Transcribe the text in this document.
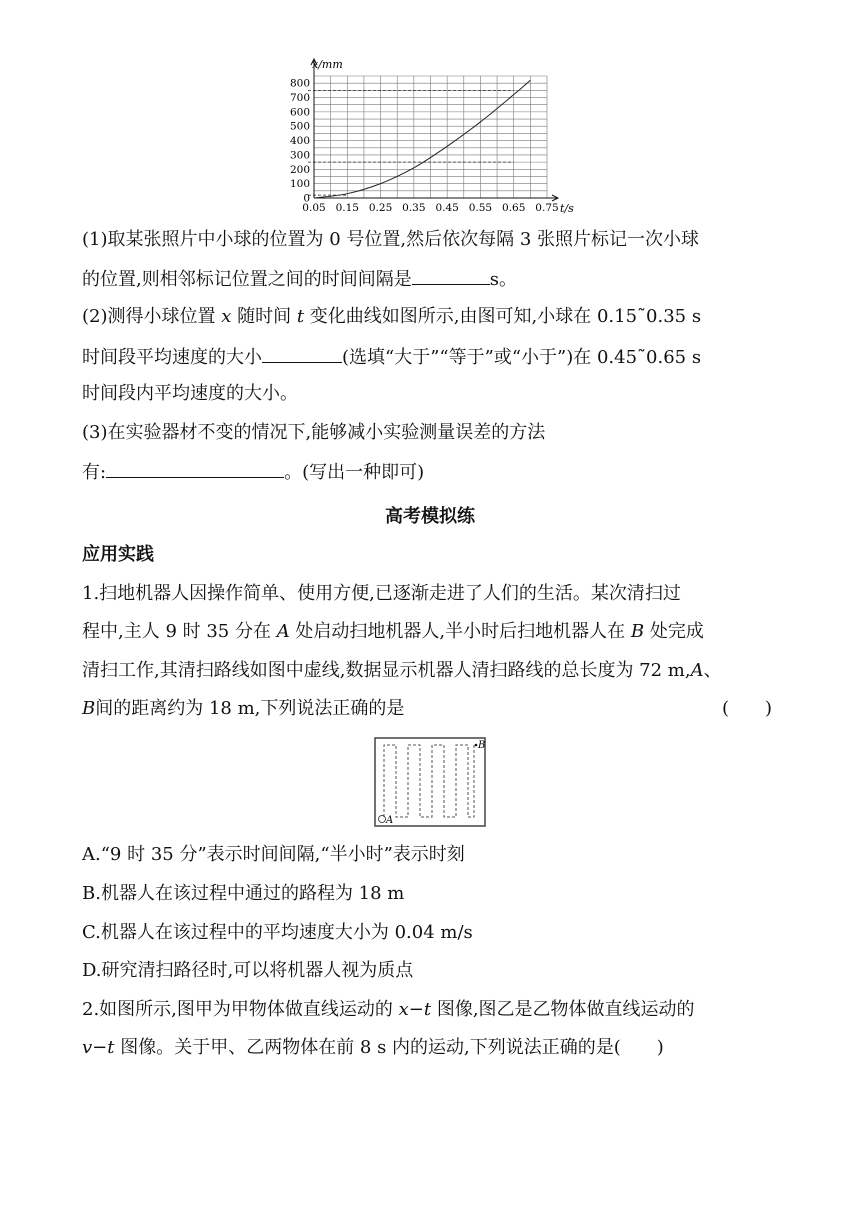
800
700
600
500
400
300
200
100
0
0.05 0.15 0.25 0.35 0.45 0.55 0.65 0.75
x/mm
t/s
(1)取某张照片中小球的位置为 0 号位置,然后依次每隔 3 张照片标记一次小球
的位置,则相邻标记位置之间的时间间隔是	s。
(2)测得小球位置 x 随时间 t 变化曲线如图所示,由图可知,小球在 0.15˜0.35 s
时间段平均速度的大小	(选填“大于”“等于”或“小于”)在 0.45˜0.65 s
时间段内平均速度的大小。
(3)在实验器材不变的情况下,能够减小实验测量误差的方法
有:	。(写出一种即可)
高考模拟练
应用实践
1.扫地机器人因操作简单、使用方便,已逐渐走进了人们的生活。某次清扫过
程中,主人 9 时 35 分在 A 处启动扫地机器人,半小时后扫地机器人在 B 处完成
清扫工作,其清扫路线如图中虚线,数据显示机器人清扫路线的总长度为 72 m,A、
B间的距离约为 18 m,下列说法正确的是	(　　)
A
B
A.“9 时 35 分”表示时间间隔,“半小时”表示时刻
B.机器人在该过程中通过的路程为 18 m
C.机器人在该过程中的平均速度大小为 0.04 m/s
D.研究清扫路径时,可以将机器人视为质点
2.如图所示,图甲为甲物体做直线运动的 x−t 图像,图乙是乙物体做直线运动的
v−t 图像。关于甲、乙两物体在前 8 s 内的运动,下列说法正确的是(　　)
